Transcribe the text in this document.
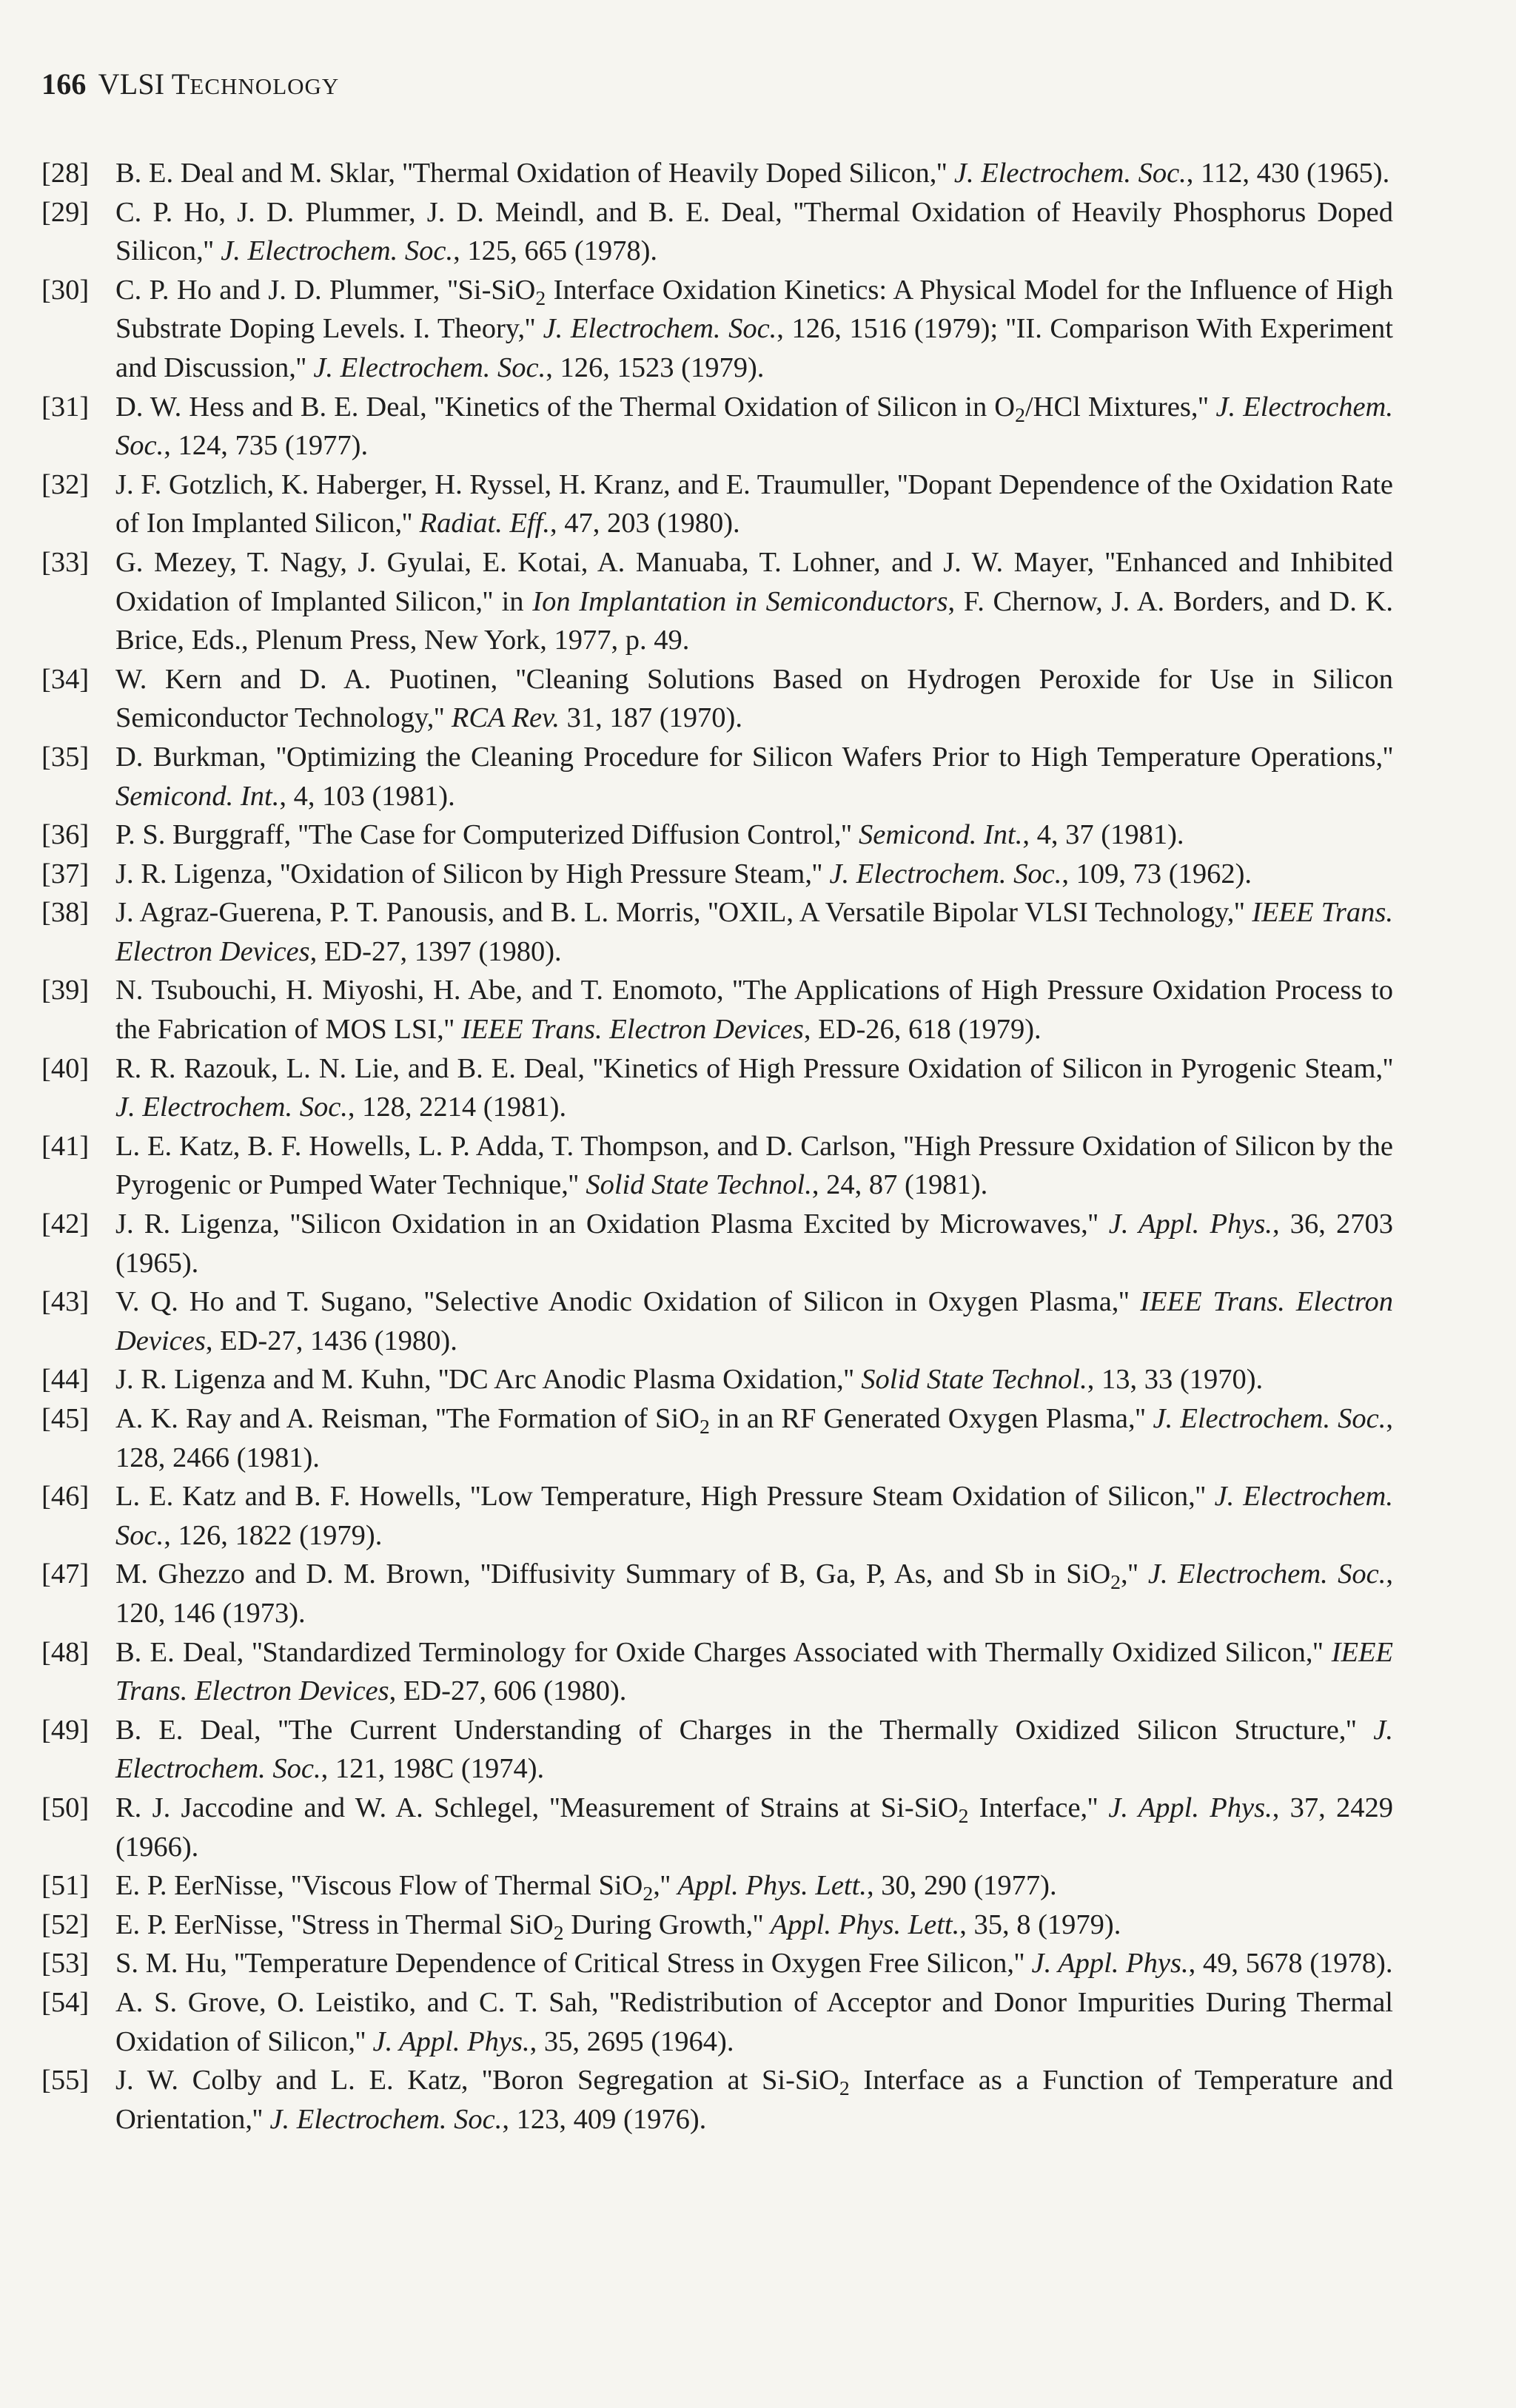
166 VLSI TECHNOLOGY
[28] B. E. Deal and M. Sklar, ''Thermal Oxidation of Heavily Doped Silicon,'' J. Electrochem. Soc., 112, 430 (1965).
[29] C. P. Ho, J. D. Plummer, J. D. Meindl, and B. E. Deal, ''Thermal Oxidation of Heavily Phosphorus Doped Silicon,'' J. Electrochem. Soc., 125, 665 (1978).
[30] C. P. Ho and J. D. Plummer, ''Si-SiO$_2$ Interface Oxidation Kinetics: A Physical Model for the Influence of High Substrate Doping Levels. I. Theory,'' J. Electrochem. Soc., 126, 1516 (1979); ''II. Comparison With Experiment and Discussion,'' J. Electrochem. Soc., 126, 1523 (1979).
[31] D. W. Hess and B. E. Deal, ''Kinetics of the Thermal Oxidation of Silicon in $O_2$/HCl Mixtures,'' J. Electrochem. Soc., 124, 735 (1977).
[32] J. F. Gotzlich, K. Haberger, H. Ryssel, H. Kranz, and E. Traumuller, ''Dopant Dependence of the Oxidation Rate of Ion Implanted Silicon,'' Radiat. Eff., 47, 203 (1980).
[33] G. Mezey, T. Nagy, J. Gyulai, E. Kotai, A. Manuaba, T. Lohner, and J. W. Mayer, ''Enhanced and Inhibited Oxidation of Implanted Silicon,'' in Ion Implantation in Semiconductors, F. Chernow, J. A. Borders, and D. K. Brice, Eds., Plenum Press, New York, 1977, p. 49.
[34] W. Kern and D. A. Puotinen, ''Cleaning Solutions Based on Hydrogen Peroxide for Use in Silicon Semiconductor Technology,'' RCA Rev. 31, 187 (1970).
[35] D. Burkman, ''Optimizing the Cleaning Procedure for Silicon Wafers Prior to High Temperature Operations,'' Semicond. Int., 4, 103 (1981).
[36] P. S. Burggraff, ''The Case for Computerized Diffusion Control,'' Semicond. Int., 4, 37 (1981).
[37] J. R. Ligenza, ''Oxidation of Silicon by High Pressure Steam,'' J. Electrochem. Soc., 109, 73 (1962).
[38] J. Agraz-Guerena, P. T. Panousis, and B. L. Morris, ''OXIL, A Versatile Bipolar VLSI Technology,'' IEEE Trans. Electron Devices, ED-27, 1397 (1980).
[39] N. Tsubouchi, H. Miyoshi, H. Abe, and T. Enomoto, ''The Applications of High Pressure Oxidation Process to the Fabrication of MOS LSI,'' IEEE Trans. Electron Devices, ED-26, 618 (1979).
[40] R. R. Razouk, L. N. Lie, and B. E. Deal, ''Kinetics of High Pressure Oxidation of Silicon in Pyrogenic Steam,'' J. Electrochem. Soc., 128, 2214 (1981).
[41] L. E. Katz, B. F. Howells, L. P. Adda, T. Thompson, and D. Carlson, ''High Pressure Oxidation of Silicon by the Pyrogenic or Pumped Water Technique,'' Solid State Technol., 24, 87 (1981).
[42] J. R. Ligenza, ''Silicon Oxidation in an Oxidation Plasma Excited by Microwaves,'' J. Appl. Phys., 36, 2703 (1965).
[43] V. Q. Ho and T. Sugano, ''Selective Anodic Oxidation of Silicon in Oxygen Plasma,'' IEEE Trans. Electron Devices, ED-27, 1436 (1980).
[44] J. R. Ligenza and M. Kuhn, ''DC Arc Anodic Plasma Oxidation,'' Solid State Technol., 13, 33 (1970).
[45] A. K. Ray and A. Reisman, ''The Formation of SiO$_2$ in an RF Generated Oxygen Plasma,'' J. Electrochem. Soc., 128, 2466 (1981).
[46] L. E. Katz and B. F. Howells, ''Low Temperature, High Pressure Steam Oxidation of Silicon,'' J. Electrochem. Soc., 126, 1822 (1979).
[47] M. Ghezzo and D. M. Brown, ''Diffusivity Summary of B, Ga, P, As, and Sb in SiO$_2$,'' J. Electrochem. Soc., 120, 146 (1973).
[48] B. E. Deal, ''Standardized Terminology for Oxide Charges Associated with Thermally Oxidized Silicon,'' IEEE Trans. Electron Devices, ED-27, 606 (1980).
[49] B. E. Deal, ''The Current Understanding of Charges in the Thermally Oxidized Silicon Structure,'' J. Electrochem. Soc., 121, 198C (1974).
[50] R. J. Jaccodine and W. A. Schlegel, ''Measurement of Strains at Si-SiO$_2$ Interface,'' J. Appl. Phys., 37, 2429 (1966).
[51] E. P. EerNisse, ''Viscous Flow of Thermal SiO$_2$,'' Appl. Phys. Lett., 30, 290 (1977).
[52] E. P. EerNisse, ''Stress in Thermal SiO$_2$ During Growth,'' Appl. Phys. Lett., 35, 8 (1979).
[53] S. M. Hu, ''Temperature Dependence of Critical Stress in Oxygen Free Silicon,'' J. Appl. Phys., 49, 5678 (1978).
[54] A. S. Grove, O. Leistiko, and C. T. Sah, ''Redistribution of Acceptor and Donor Impurities During Thermal Oxidation of Silicon,'' J. Appl. Phys., 35, 2695 (1964).
[55] J. W. Colby and L. E. Katz, ''Boron Segregation at Si-SiO$_2$ Interface as a Function of Temperature and Orientation,'' J. Electrochem. Soc., 123, 409 (1976).
